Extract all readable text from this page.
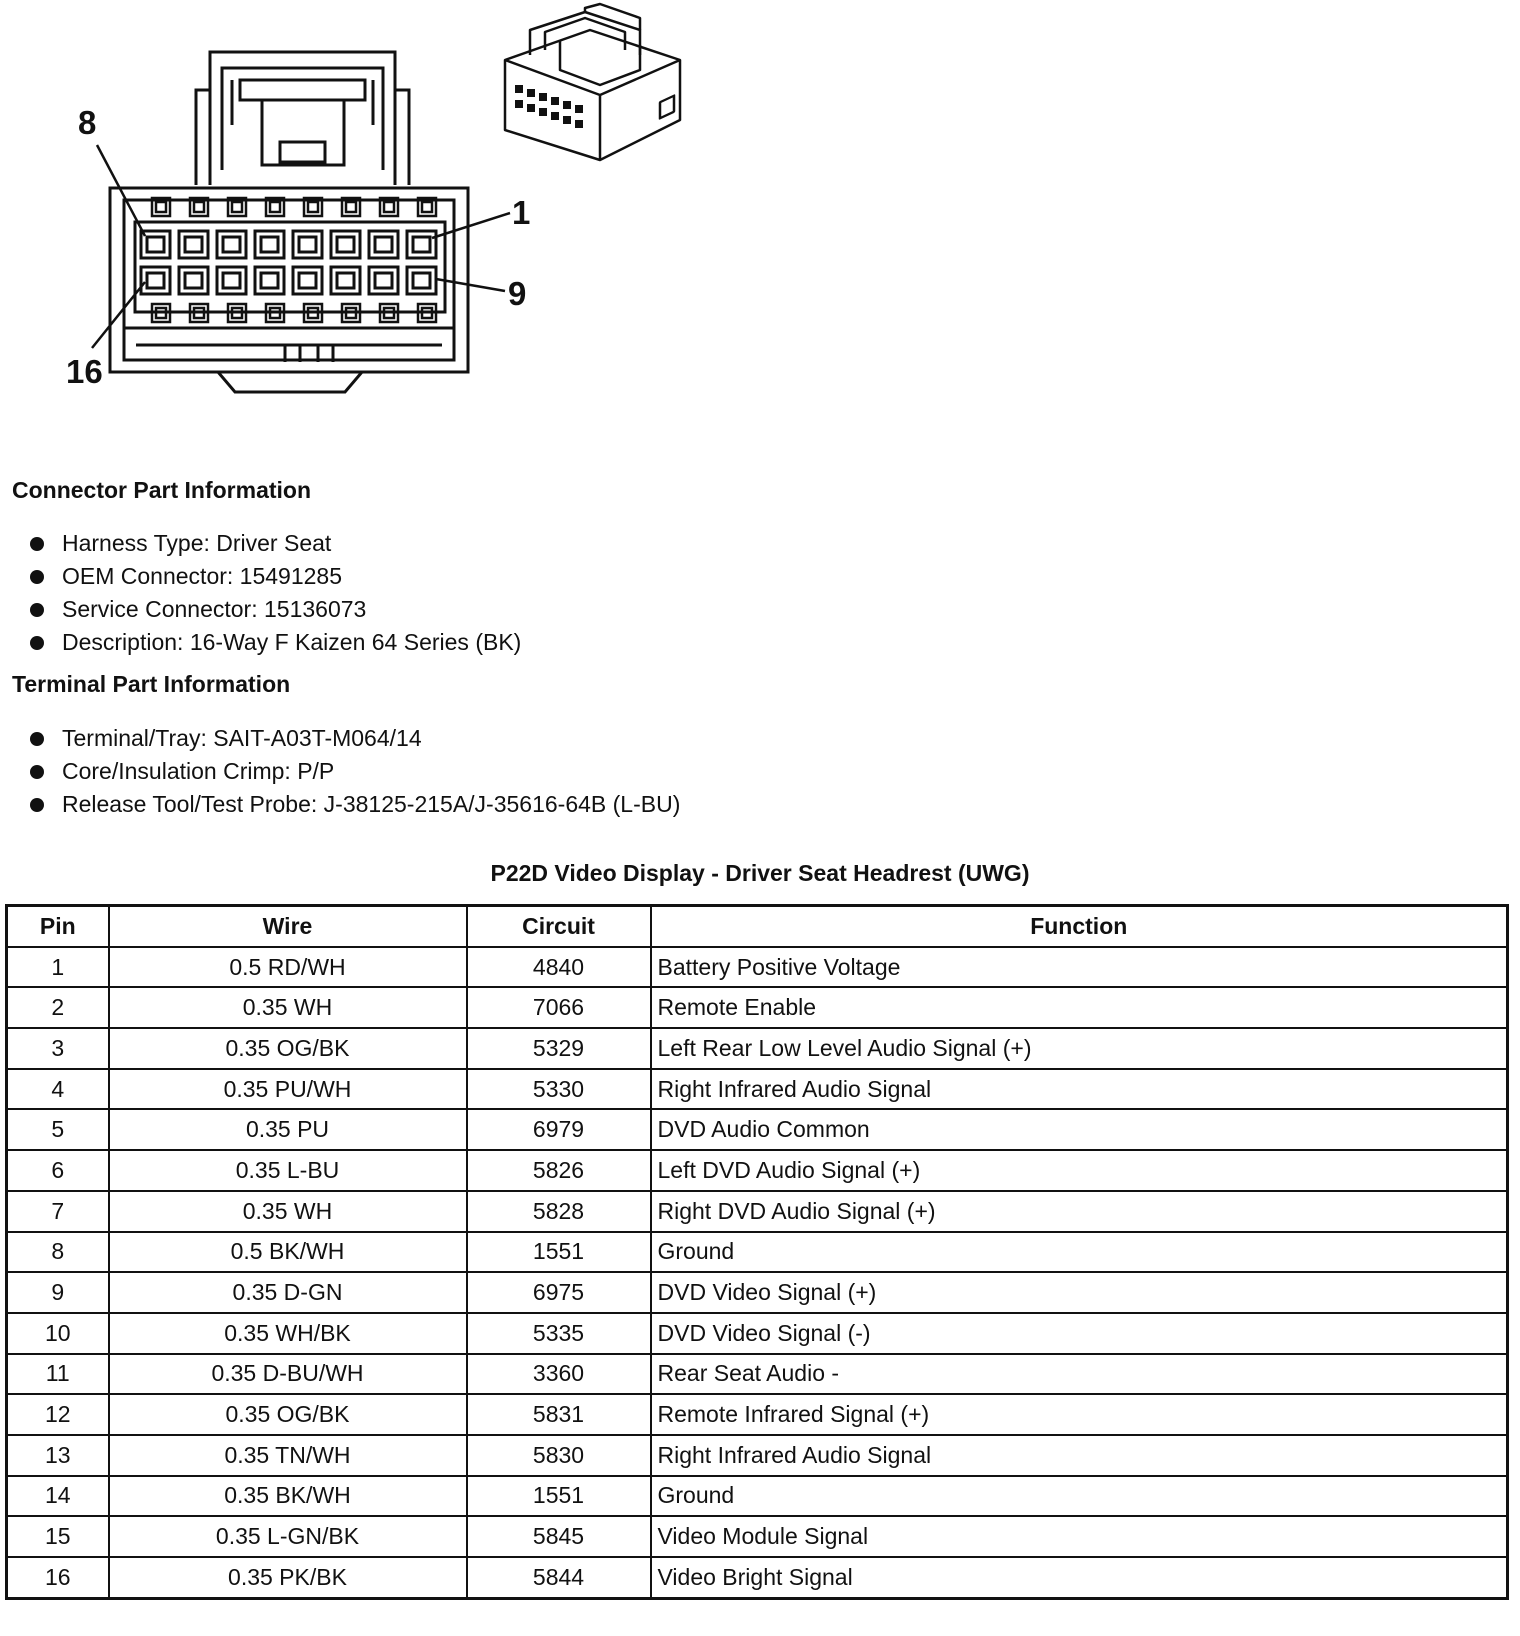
8
1
9
16
Connector Part Information
Harness Type: Driver Seat
OEM Connector: 15491285
Service Connector: 15136073
Description: 16-Way F Kaizen 64 Series (BK)
Terminal Part Information
Terminal/Tray: SAIT-A03T-M064/14
Core/Insulation Crimp: P/P
Release Tool/Test Probe: J-38125-215A/J-35616-64B (L-BU)
P22D Video Display - Driver Seat Headrest (UWG)
Pin	Wire	Circuit	Function
1	0.5 RD/WH	4840	Battery Positive Voltage
2	0.35 WH	7066	Remote Enable
3	0.35 OG/BK	5329	Left Rear Low Level Audio Signal (+)
4	0.35 PU/WH	5330	Right Infrared Audio Signal
5	0.35 PU	6979	DVD Audio Common
6	0.35 L-BU	5826	Left DVD Audio Signal (+)
7	0.35 WH	5828	Right DVD Audio Signal (+)
8	0.5 BK/WH	1551	Ground
9	0.35 D-GN	6975	DVD Video Signal (+)
10	0.35 WH/BK	5335	DVD Video Signal (-)
11	0.35 D-BU/WH	3360	Rear Seat Audio -
12	0.35 OG/BK	5831	Remote Infrared Signal (+)
13	0.35 TN/WH	5830	Right Infrared Audio Signal
14	0.35 BK/WH	1551	Ground
15	0.35 L-GN/BK	5845	Video Module Signal
16	0.35 PK/BK	5844	Video Bright Signal
